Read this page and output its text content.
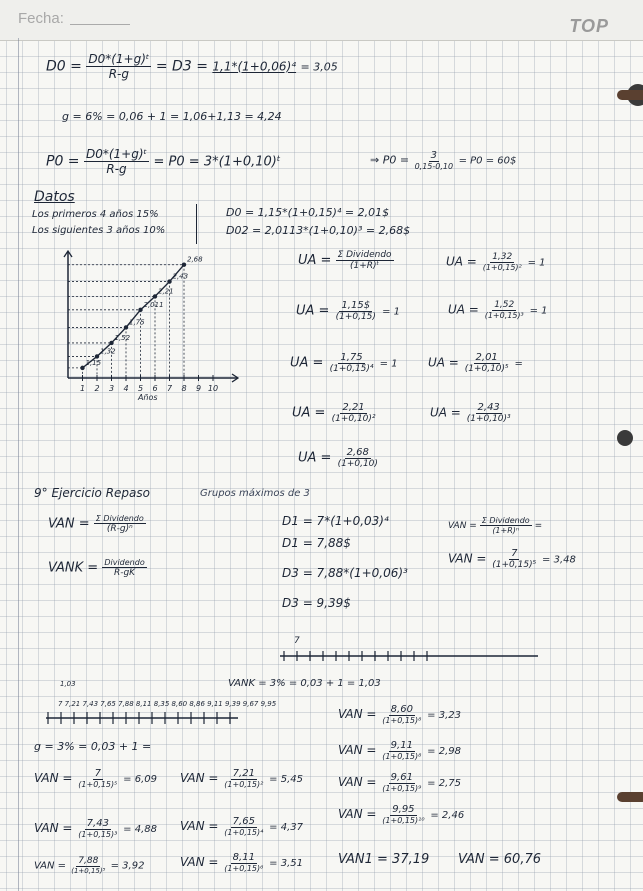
Fecha:	TOP
$D0 = \frac{\text{D0*(1+g)ᵗ}}{R-g} = D3 = 1,1*(1+0,06)^4 = 3,05$
g = 6% = 0,06 + 1 = 1,06+1,13 = 4,24
$P0 = \frac{\text{D0*(1+g)ᵗ}}{R-g} = P0$ = 3*(1+0,10)ᵗ	⇒ P0 = 3
0,15-0,10 = P0 = 60$
Datos
Los primeros 4 años 15%
Los siguientes 3 años 10%
D0 = 1,15*(1+0,15)⁴ = 2,01$
D02 = 2,0113*(1+0,10)³ = 2,68$
1 2 3 4 5 6 7 8 9 10
Años
1,15
1,32
1,52
1,75
2,011
2,21
2,43
2,68	UA = Σ Dividendo
(1+R)ᵗ	UA = $\frac{1,32}{\text{(1+0,15)²}} = 1$
UA = $\frac{1,15\$}{(1+0,15)} = 1$	UA = $\frac{1,52}{\text{(1+0,15)³}} = 1$
UA = $\frac{1,75}{\text{(1+0,15)⁴}} = 1$	UA = $\frac{2,01}{\text{(1+0,10)⁵}}$ =
UA = $\frac{2,21}{\text{(1+0,10)²}}$	UA = $\frac{2,43}{\text{(1+0,10)³}}$
UA = $\frac{2,68}{(1+0,10)}$
9° Ejercicio Repaso	Grupos máximos de 3
VAN = Σ Dividendo
(R-g)ⁿ
VANK = Dividendo
R-gK
D1 = 7*(1+0,03)⁴
D1 = 7,88$
D3 = 7,88*(1+0,06)³
D3 = 9,39$
VAN =
Σ Dividendo
(1+R)ⁿ =
VAN = $\frac{7}{\text{(1+0,15)⁵}} = 3,48$
7
VANK = 3% = 0,03 + 1 = 1,03
1,03
7 7,21 7,43 7,65 7,88 8,11 8,35 8,60 8,86 9,11 9,39 9,67 9,95
g = 3% = 0,03 + 1 =
VAN = 7
(1+0,15)⁵ = 6,09 VAN = 7,21
(1+0,15)² = 5,45
VAN = 7,43
(1+0,15)³ = 4,88 VAN = 7,65
(1+0,15)⁴ = 4,37
VAN = 7,88
(1+0,15)⁵ = 3,92	VAN = 8,11
(1+0,15)⁶ = 3,51
VAN = 8,60
(1+0,15)⁸ = 3,23
VAN = 9,11
(1+0,15)⁸ = 2,98
VAN = 9,61
(1+0,15)⁹ = 2,75
VAN = 9,95
(1+0,15)¹⁰ = 2,46
VAN1 = 37,19 VAN = 60,76
